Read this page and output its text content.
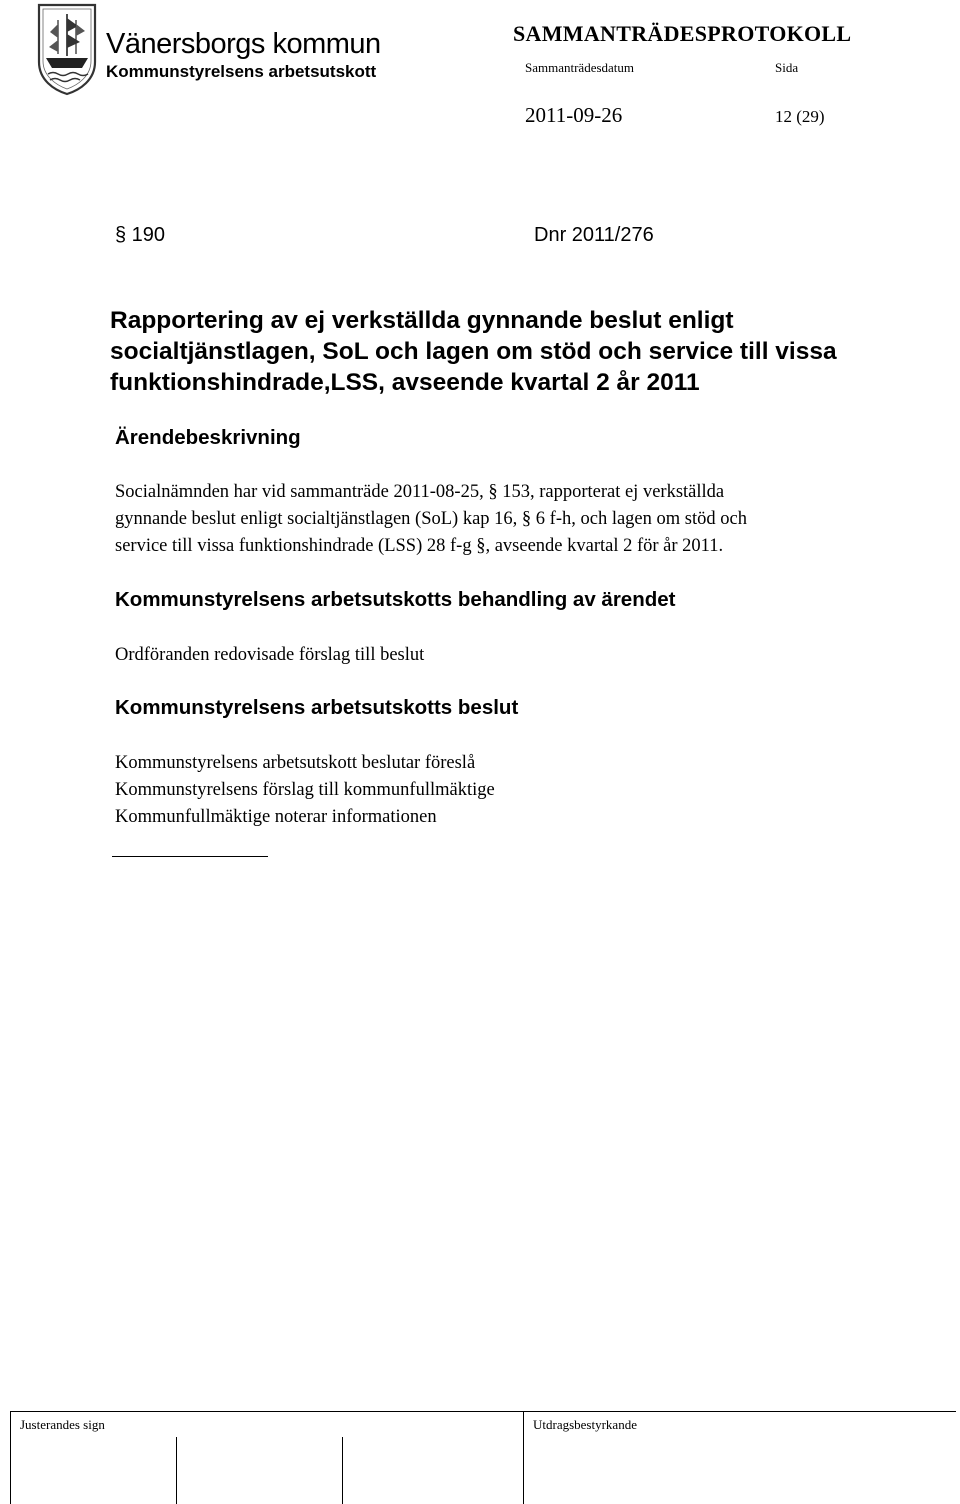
Vänersborgs kommun
Kommunstyrelsens arbetsutskott
SAMMANTRÄDESPROTOKOLL
Sammanträdesdatum	Sida
2011-09-26	12 (29)
§ 190	Dnr 2011/276
Rapportering av ej verkställda gynnande beslut enligt
socialtjänstlagen, SoL och lagen om stöd och service till vissa
funktionshindrade,LSS, avseende kvartal 2 år 2011
Ärendebeskrivning
Socialnämnden har vid sammanträde 2011-08-25, § 153, rapporterat ej verkställda
gynnande beslut enligt socialtjänstlagen (SoL) kap 16, § 6 f-h, och lagen om stöd och
service till vissa funktionshindrade (LSS) 28 f-g §, avseende kvartal 2 för år 2011.
Kommunstyrelsens arbetsutskotts behandling av ärendet
Ordföranden redovisade förslag till beslut
Kommunstyrelsens arbetsutskotts beslut
Kommunstyrelsens arbetsutskott beslutar föreslå
Kommunstyrelsens förslag till kommunfullmäktige
Kommunfullmäktige noterar informationen
Justerandes sign	Utdragsbestyrkande
